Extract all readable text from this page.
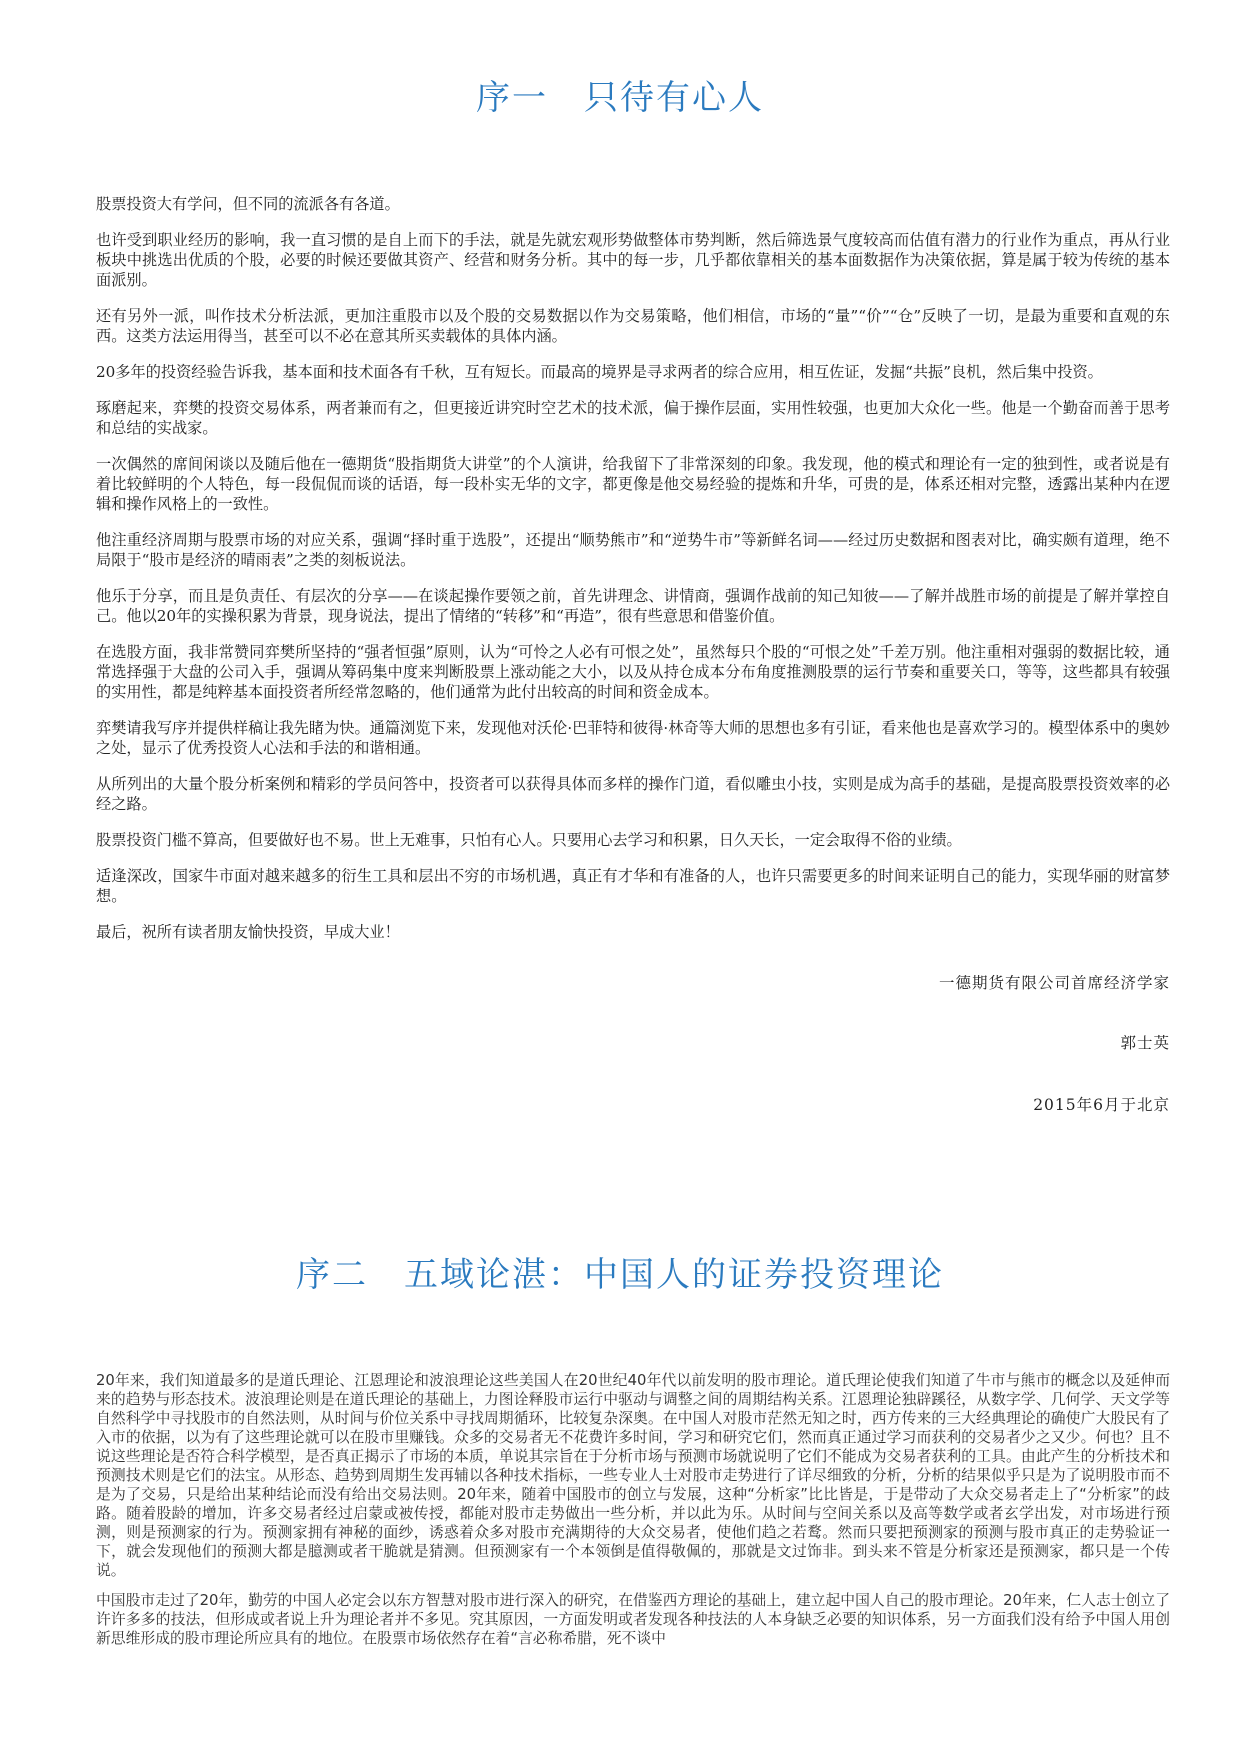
序一　只待有心人

股票投资大有学问，但不同的流派各有各道。

也许受到职业经历的影响，我一直习惯的是自上而下的手法，就是先就宏观形势做整体市势判断，然后筛选景气度较高而估值有潜力的行业作为重点，再从行业板块中挑选出优质的个股，必要的时候还要做其资产、经营和财务分析。其中的每一步，几乎都依靠相关的基本面数据作为决策依据，算是属于较为传统的基本面派别。

还有另外一派，叫作技术分析法派，更加注重股市以及个股的交易数据以作为交易策略，他们相信，市场的“量”“价”“仓”反映了一切，是最为重要和直观的东西。这类方法运用得当，甚至可以不必在意其所买卖载体的具体内涵。

20多年的投资经验告诉我，基本面和技术面各有千秋，互有短长。而最高的境界是寻求两者的综合应用，相互佐证，发掘“共振”良机，然后集中投资。

琢磨起来，弈樊的投资交易体系，两者兼而有之，但更接近讲究时空艺术的技术派，偏于操作层面，实用性较强，也更加大众化一些。他是一个勤奋而善于思考和总结的实战家。

一次偶然的席间闲谈以及随后他在一德期货“股指期货大讲堂”的个人演讲，给我留下了非常深刻的印象。我发现，他的模式和理论有一定的独到性，或者说是有着比较鲜明的个人特色，每一段侃侃而谈的话语，每一段朴实无华的文字，都更像是他交易经验的提炼和升华，可贵的是，体系还相对完整，透露出某种内在逻辑和操作风格上的一致性。

他注重经济周期与股票市场的对应关系，强调“择时重于选股”，还提出“顺势熊市”和“逆势牛市”等新鲜名词——经过历史数据和图表对比，确实颇有道理，绝不局限于“股市是经济的晴雨表”之类的刻板说法。

他乐于分享，而且是负责任、有层次的分享——在谈起操作要领之前，首先讲理念、讲情商，强调作战前的知己知彼——了解并战胜市场的前提是了解并掌控自己。他以20年的实操积累为背景，现身说法，提出了情绪的“转移”和“再造”，很有些意思和借鉴价值。

在选股方面，我非常赞同弈樊所坚持的“强者恒强”原则，认为“可怜之人必有可恨之处”，虽然每只个股的“可恨之处”千差万别。他注重相对强弱的数据比较，通常选择强于大盘的公司入手，强调从筹码集中度来判断股票上涨动能之大小，以及从持仓成本分布角度推测股票的运行节奏和重要关口，等等，这些都具有较强的实用性，都是纯粹基本面投资者所经常忽略的，他们通常为此付出较高的时间和资金成本。

弈樊请我写序并提供样稿让我先睹为快。通篇浏览下来，发现他对沃伦·巴菲特和彼得·林奇等大师的思想也多有引证，看来他也是喜欢学习的。模型体系中的奥妙之处，显示了优秀投资人心法和手法的和谐相通。

从所列出的大量个股分析案例和精彩的学员问答中，投资者可以获得具体而多样的操作门道，看似雕虫小技，实则是成为高手的基础，是提高股票投资效率的必经之路。

股票投资门槛不算高，但要做好也不易。世上无难事，只怕有心人。只要用心去学习和积累，日久天长，一定会取得不俗的业绩。

适逢深改，国家牛市面对越来越多的衍生工具和层出不穷的市场机遇，真正有才华和有准备的人，也许只需要更多的时间来证明自己的能力，实现华丽的财富梦想。

最后，祝所有读者朋友愉快投资，早成大业！

一德期货有限公司首席经济学家

郭士英

2015年6月于北京

序二　五域论湛：中国人的证券投资理论

20年来，我们知道最多的是道氏理论、江恩理论和波浪理论这些美国人在20世纪40年代以前发明的股市理论。道氏理论使我们知道了牛市与熊市的概念以及延伸而来的趋势与形态技术。波浪理论则是在道氏理论的基础上，力图诠释股市运行中驱动与调整之间的周期结构关系。江恩理论独辟蹊径，从数字学、几何学、天文学等自然科学中寻找股市的自然法则，从时间与价位关系中寻找周期循环，比较复杂深奥。在中国人对股市茫然无知之时，西方传来的三大经典理论的确使广大股民有了入市的依据，以为有了这些理论就可以在股市里赚钱。众多的交易者无不花费许多时间，学习和研究它们，然而真正通过学习而获利的交易者少之又少。何也？且不说这些理论是否符合科学模型，是否真正揭示了市场的本质，单说其宗旨在于分析市场与预测市场就说明了它们不能成为交易者获利的工具。由此产生的分析技术和预测技术则是它们的法宝。从形态、趋势到周期生发再辅以各种技术指标，一些专业人士对股市走势进行了详尽细致的分析，分析的结果似乎只是为了说明股市而不是为了交易，只是给出某种结论而没有给出交易法则。20年来，随着中国股市的创立与发展，这种“分析家”比比皆是，于是带动了大众交易者走上了“分析家”的歧路。随着股龄的增加，许多交易者经过启蒙或被传授，都能对股市走势做出一些分析，并以此为乐。从时间与空间关系以及高等数学或者玄学出发，对市场进行预测，则是预测家的行为。预测家拥有神秘的面纱，诱惑着众多对股市充满期待的大众交易者，使他们趋之若鹜。然而只要把预测家的预测与股市真正的走势验证一下，就会发现他们的预测大都是臆测或者干脆就是猜测。但预测家有一个本领倒是值得敬佩的，那就是文过饰非。到头来不管是分析家还是预测家，都只是一个传说。

中国股市走过了20年，勤劳的中国人必定会以东方智慧对股市进行深入的研究，在借鉴西方理论的基础上，建立起中国人自己的股市理论。20年来，仁人志士创立了许许多多的技法，但形成或者说上升为理论者并不多见。究其原因，一方面发明或者发现各种技法的人本身缺乏必要的知识体系，另一方面我们没有给予中国人用创新思维形成的股市理论所应具有的地位。在股票市场依然存在着“言必称希腊，死不谈中
